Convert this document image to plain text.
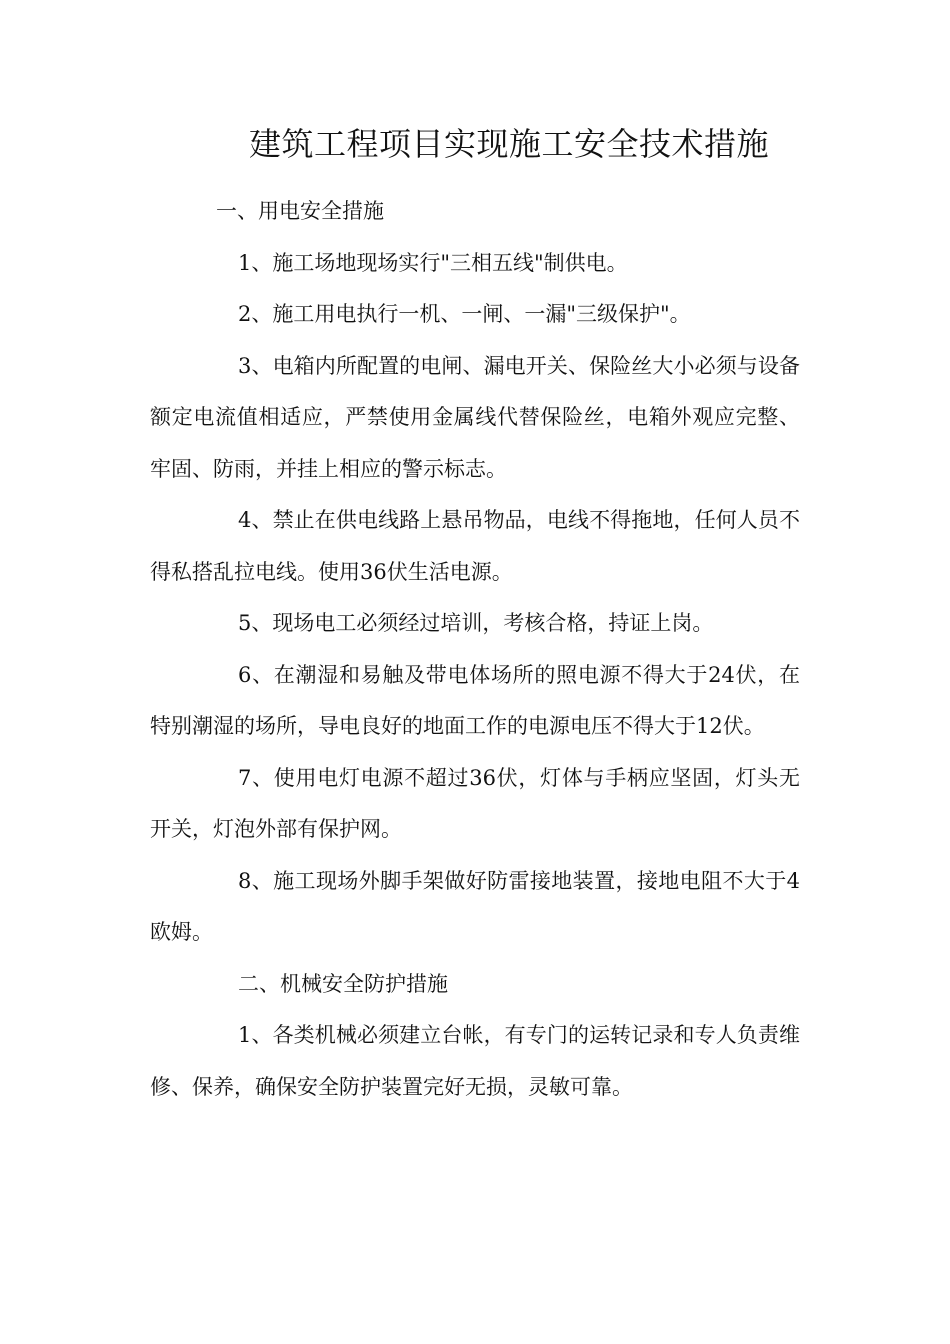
建筑工程项目实现施工安全技术措施

一、用电安全措施

1、施工场地现场实行"三相五线"制供电。

2、施工用电执行一机、一闸、一漏"三级保护"。

3、电箱内所配置的电闸、漏电开关、保险丝大小必须与设备额定电流值相适应，严禁使用金属线代替保险丝，电箱外观应完整、牢固、防雨，并挂上相应的警示标志。

4、禁止在供电线路上悬吊物品，电线不得拖地，任何人员不得私搭乱拉电线。使用36伏生活电源。

5、现场电工必须经过培训，考核合格，持证上岗。

6、在潮湿和易触及带电体场所的照电源不得大于24伏，在特别潮湿的场所，导电良好的地面工作的电源电压不得大于12伏。

7、使用电灯电源不超过36伏，灯体与手柄应坚固，灯头无开关，灯泡外部有保护网。

8、施工现场外脚手架做好防雷接地装置，接地电阻不大于4欧姆。

二、机械安全防护措施

1、各类机械必须建立台帐，有专门的运转记录和专人负责维修、保养，确保安全防护装置完好无损，灵敏可靠。
